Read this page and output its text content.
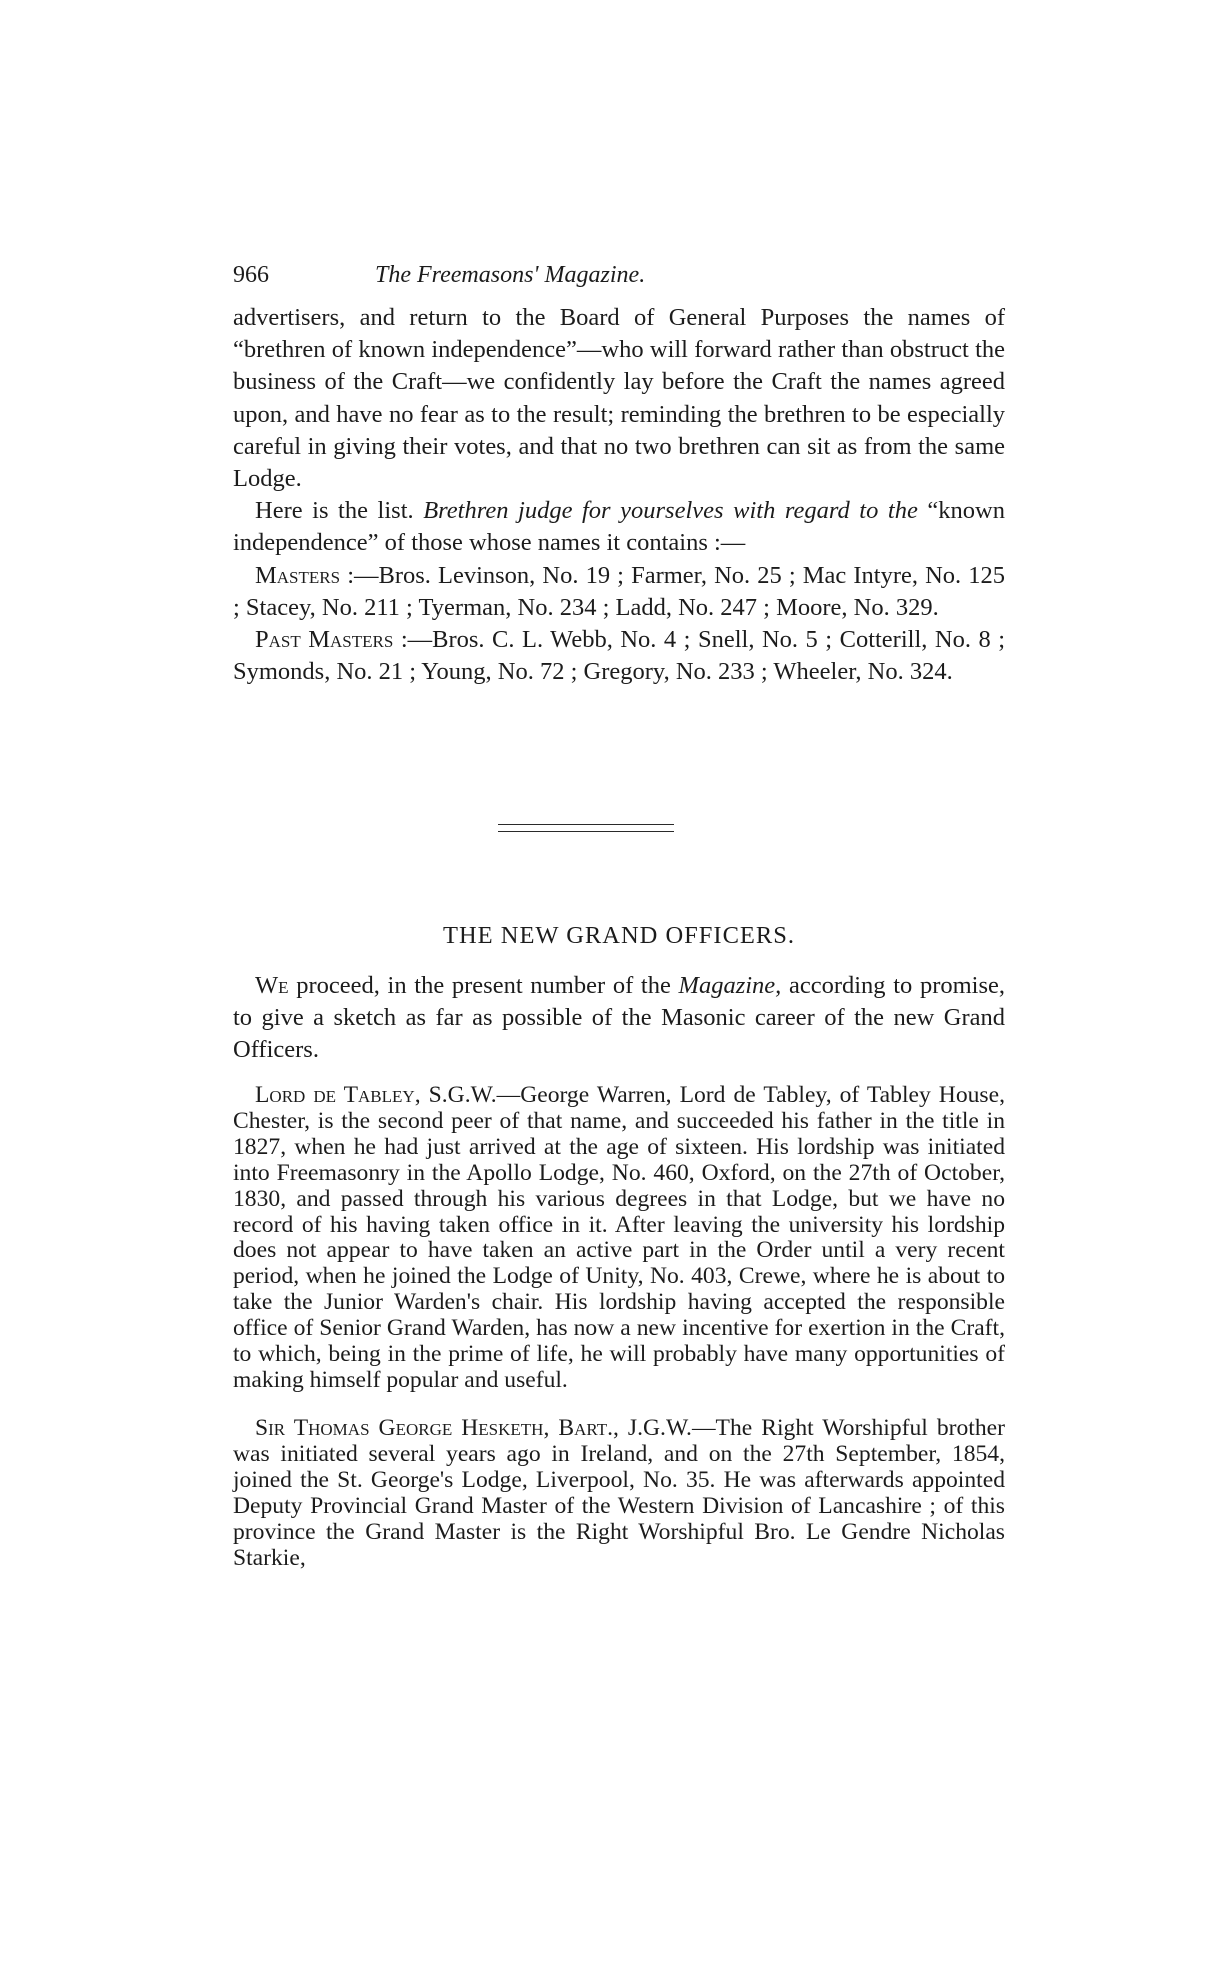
966	The Freemasons' Magazine.

advertisers, and return to the Board of General Purposes the names of “brethren of known independence”—who will forward rather than obstruct the business of the Craft—we confidently lay before the Craft the names agreed upon, and have no fear as to the result; reminding the brethren to be especially careful in giving their votes, and that no two brethren can sit as from the same Lodge.

Here is the list. Brethren judge for yourselves with regard to the “known independence” of those whose names it contains :—

Masters :—Bros. Levinson, No. 19 ; Farmer, No. 25 ; Mac Intyre, No. 125 ; Stacey, No. 211 ; Tyerman, No. 234 ; Ladd, No. 247 ; Moore, No. 329.

Past Masters :—Bros. C. L. Webb, No. 4 ; Snell, No. 5 ; Cotterill, No. 8 ; Symonds, No. 21 ; Young, No. 72 ; Gregory, No. 233 ; Wheeler, No. 324.

THE NEW GRAND OFFICERS.

We proceed, in the present number of the Magazine, according to promise, to give a sketch as far as possible of the Masonic career of the new Grand Officers.

Lord de Tabley, S.G.W.—George Warren, Lord de Tabley, of Tabley House, Chester, is the second peer of that name, and succeeded his father in the title in 1827, when he had just arrived at the age of sixteen. His lordship was initiated into Freemasonry in the Apollo Lodge, No. 460, Oxford, on the 27th of October, 1830, and passed through his various degrees in that Lodge, but we have no record of his having taken office in it. After leaving the university his lordship does not appear to have taken an active part in the Order until a very recent period, when he joined the Lodge of Unity, No. 403, Crewe, where he is about to take the Junior Warden's chair. His lordship having accepted the responsible office of Senior Grand Warden, has now a new incentive for exertion in the Craft, to which, being in the prime of life, he will probably have many opportunities of making himself popular and useful.

Sir Thomas George Hesketh, Bart., J.G.W.—The Right Worshipful brother was initiated several years ago in Ireland, and on the 27th September, 1854, joined the St. George's Lodge, Liverpool, No. 35. He was afterwards appointed Deputy Provincial Grand Master of the Western Division of Lancashire ; of this province the Grand Master is the Right Worshipful Bro. Le Gendre Nicholas Starkie,
